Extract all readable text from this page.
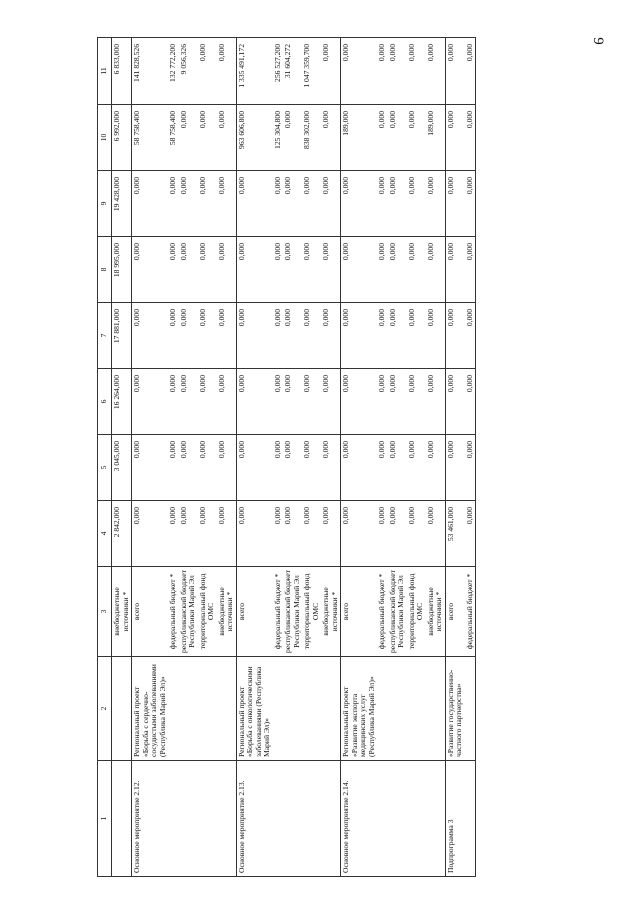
9
1	2	3	4	5	6	7	8	9	10	11
		внебюджетные источники *	2 842,000	3 045,000	16 264,000	17 881,000	18 995,000	19 428,000	6 992,000	6 833,000
Основное мероприятие 2.12.	Региональный проект «Борьба с сердечно-сосудистыми заболеваниями (Республика Марий Эл)»	всего	0,000	0,000	0,000	0,000	0,000	0,000	58 758,400	141 828,526
		федеральный бюджет *	0,000	0,000	0,000	0,000	0,000	0,000	58 758,400	132 772,200
		республиканский бюджет Республики Марий Эл	0,000	0,000	0,000	0,000	0,000	0,000	0,000	9 056,326
		территориальный фонд ОМС	0,000	0,000	0,000	0,000	0,000	0,000	0,000	0,000
		внебюджетные источники *	0,000	0,000	0,000	0,000	0,000	0,000	0,000	0,000
Основное мероприятие 2.13.	Региональный проект «Борьба с онкологическими заболеваниями (Республика Марий Эл)»	всего	0,000	0,000	0,000	0,000	0,000	0,000	963 606,800	1 335 491,172
		федеральный бюджет *	0,000	0,000	0,000	0,000	0,000	0,000	125 304,800	256 527,200
		республиканский бюджет Республики Марий Эл	0,000	0,000	0,000	0,000	0,000	0,000	0,000	31 604,272
		территориальный фонд ОМС	0,000	0,000	0,000	0,000	0,000	0,000	838 302,000	1 047 359,700
		внебюджетные источники *	0,000	0,000	0,000	0,000	0,000	0,000	0,000	0,000
Основное мероприятие 2.14.	Региональный проект «Развитие экспорта медицинских услуг (Республика Марий Эл)»	всего	0,000	0,000	0,000	0,000	0,000	0,000	189,000	0,000
		федеральный бюджет *	0,000	0,000	0,000	0,000	0,000	0,000	0,000	0,000
		республиканский бюджет Республики Марий Эл	0,000	0,000	0,000	0,000	0,000	0,000	0,000	0,000
		территориальный фонд ОМС	0,000	0,000	0,000	0,000	0,000	0,000	0,000	0,000
		внебюджетные источники *	0,000	0,000	0,000	0,000	0,000	0,000	189,000	0,000
Подпрограмма 3	«Развитие государственно-частного партнерства»	всего	53 461,000	0,000	0,000	0,000	0,000	0,000	0,000	0,000
		федеральный бюджет *	0,000	0,000	0,000	0,000	0,000	0,000	0,000	0,000
